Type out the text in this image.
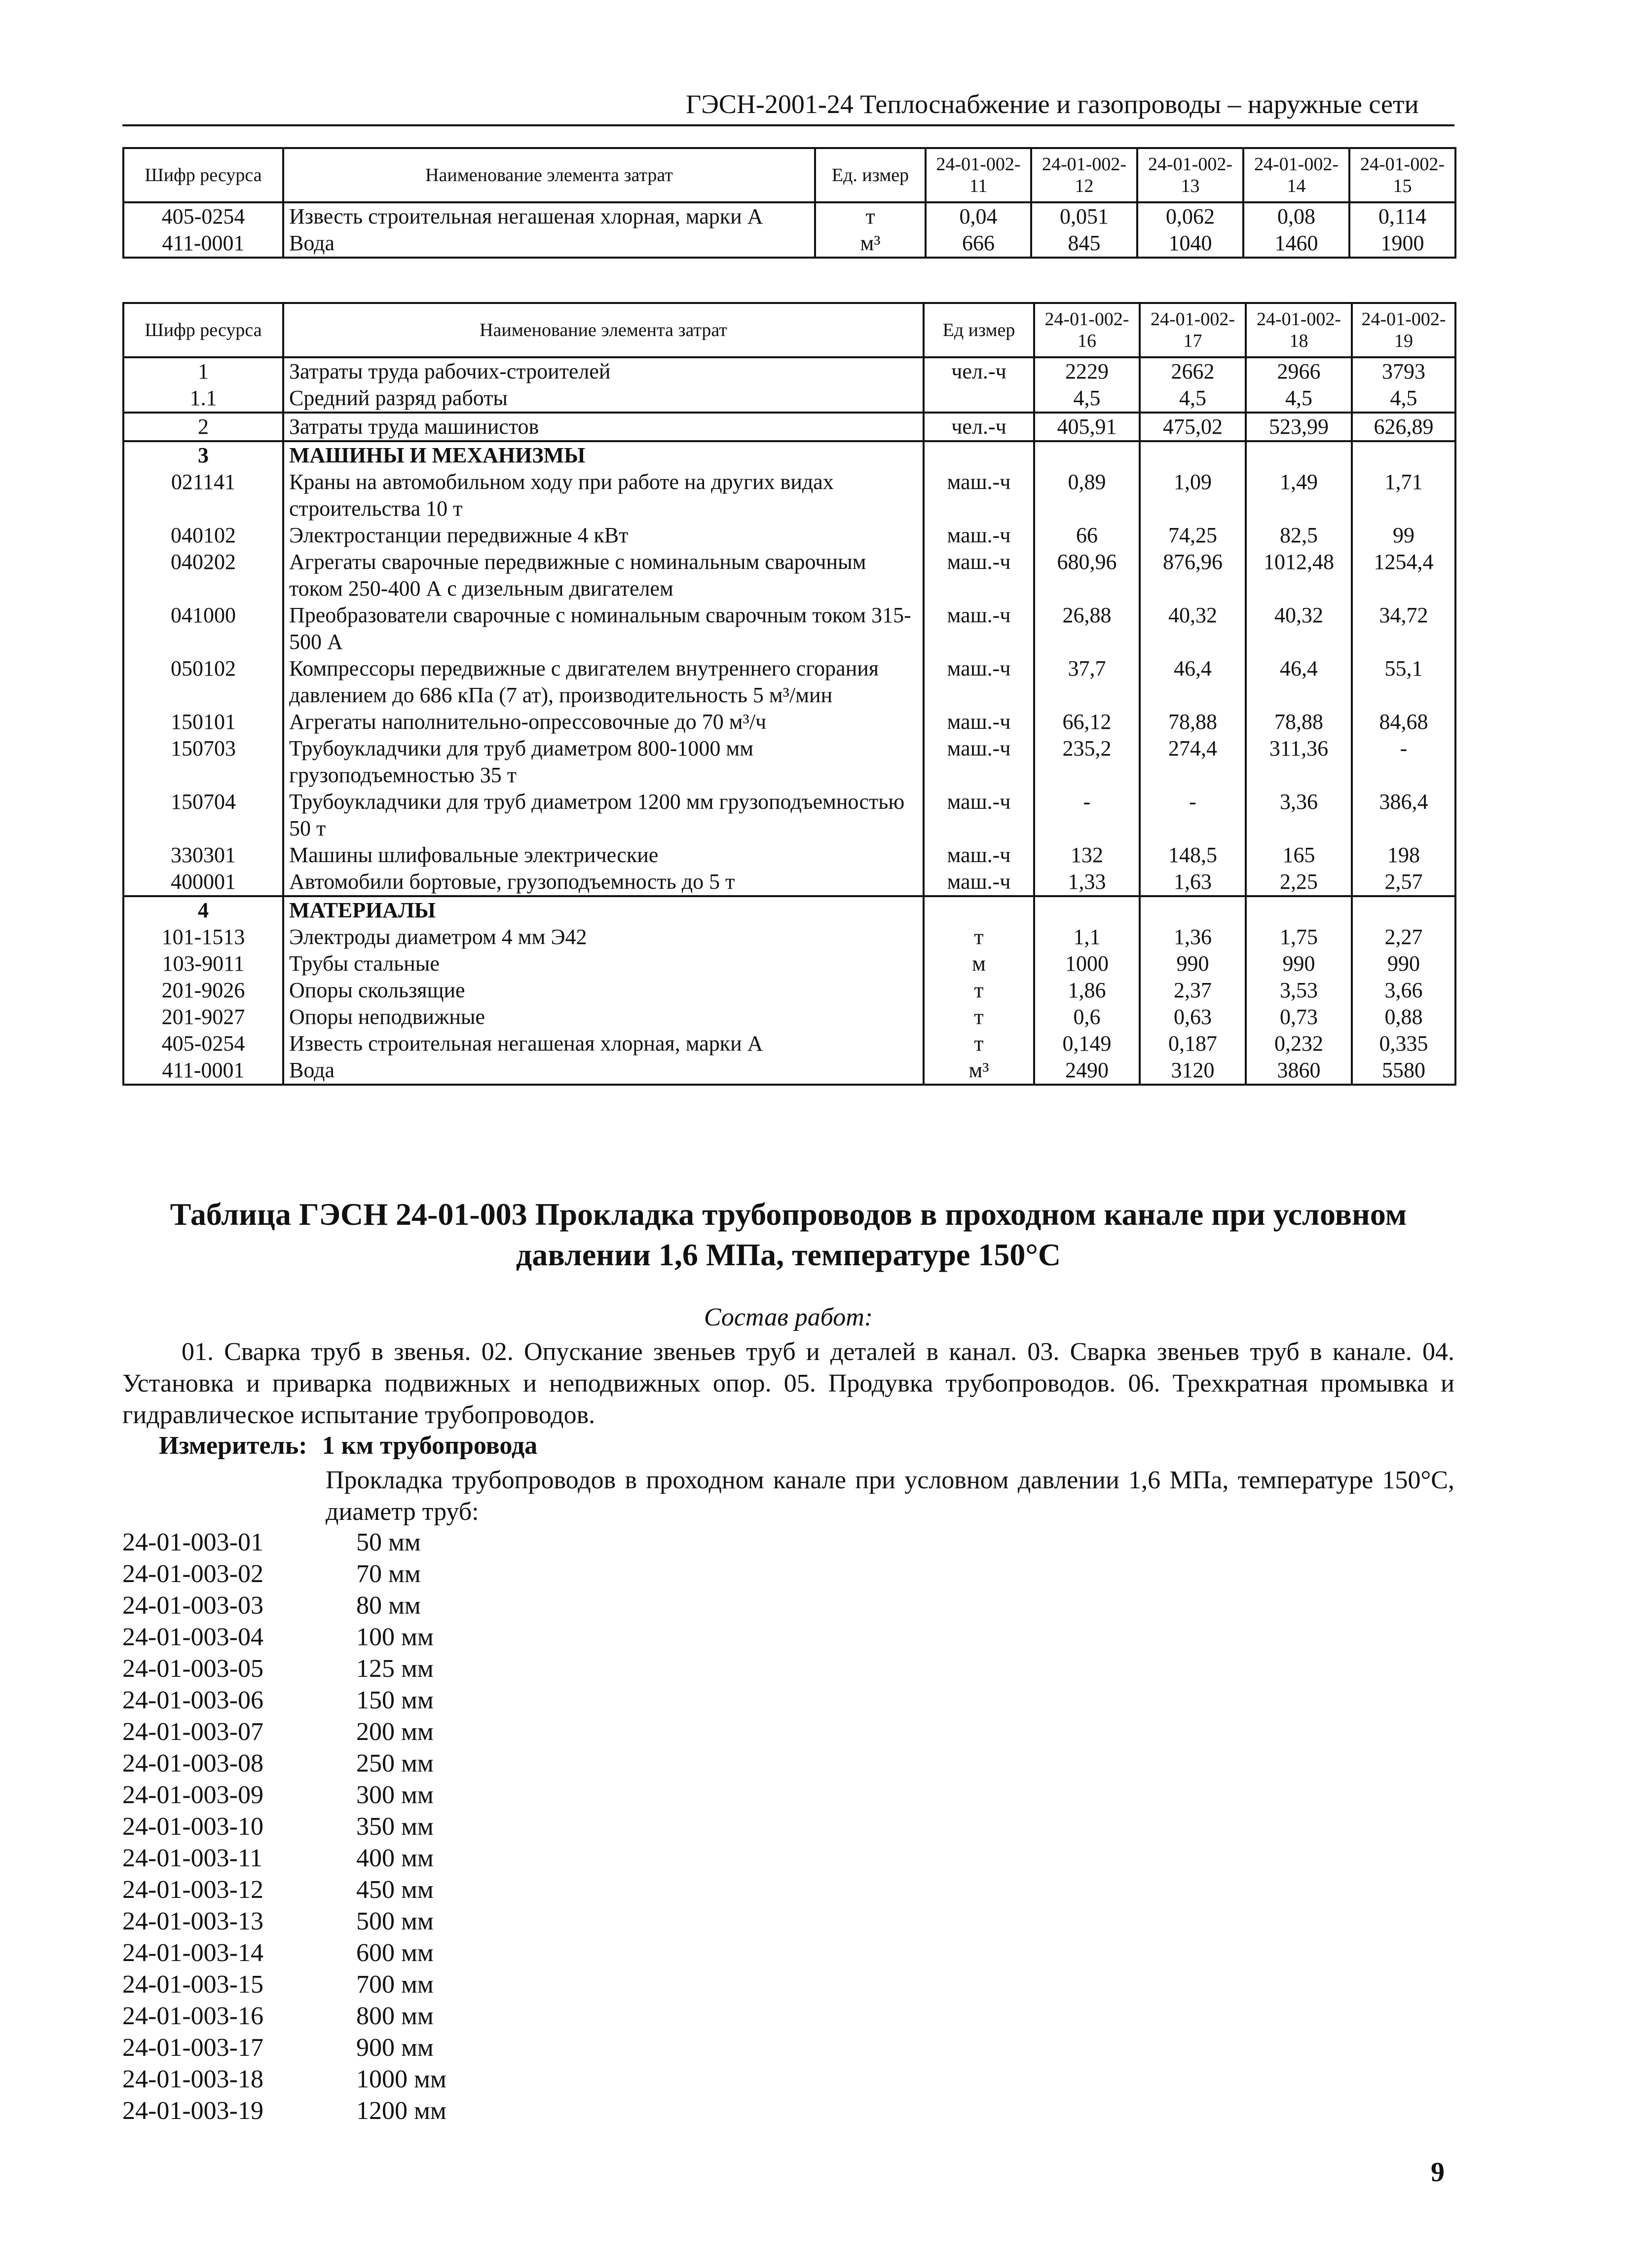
ГЭСН-2001-24 Теплоснабжение и газопроводы – наружные сети
Шифр ресурса	Наименование элемента затрат	Ед. измер	24-01-002-11	24-01-002-12	24-01-002-13	24-01-002-14	24-01-002-15
405-0254	Известь строительная негашеная хлорная, марки А	т	0,04	0,051	0,062	0,08	0,114
411-0001	Вода	м³	666	845	1040	1460	1900
Шифр ресурса	Наименование элемента затрат	Ед измер	24-01-002-16	24-01-002-17	24-01-002-18	24-01-002-19
1	Затраты труда рабочих-строителей	чел.-ч	2229	2662	2966	3793
1.1	Средний разряд работы		4,5	4,5	4,5	4,5
2	Затраты труда машинистов	чел.-ч	405,91	475,02	523,99	626,89
3	МАШИНЫ И МЕХАНИЗМЫ					
021141	Краны на автомобильном ходу при работе на других видах строительства 10 т	маш.-ч	0,89	1,09	1,49	1,71
040102	Электростанции передвижные 4 кВт	маш.-ч	66	74,25	82,5	99
040202	Агрегаты сварочные передвижные с номинальным сварочным током 250-400 А с дизельным двигателем	маш.-ч	680,96	876,96	1012,48	1254,4
041000	Преобразователи сварочные с номинальным сварочным током 315-500 А	маш.-ч	26,88	40,32	40,32	34,72
050102	Компрессоры передвижные с двигателем внутреннего сгорания давлением до 686 кПа (7 ат), производительность 5 м³/мин	маш.-ч	37,7	46,4	46,4	55,1
150101	Агрегаты наполнительно-опрессовочные до 70 м³/ч	маш.-ч	66,12	78,88	78,88	84,68
150703	Трубоукладчики для труб диаметром 800-1000 мм грузоподъемностью 35 т	маш.-ч	235,2	274,4	311,36	-
150704	Трубоукладчики для труб диаметром 1200 мм грузоподъемностью 50 т	маш.-ч	-	-	3,36	386,4
330301	Машины шлифовальные электрические	маш.-ч	132	148,5	165	198
400001	Автомобили бортовые, грузоподъемность до 5 т	маш.-ч	1,33	1,63	2,25	2,57
4	МАТЕРИАЛЫ					
101-1513	Электроды диаметром 4 мм Э42	т	1,1	1,36	1,75	2,27
103-9011	Трубы стальные	м	1000	990	990	990
201-9026	Опоры скользящие	т	1,86	2,37	3,53	3,66
201-9027	Опоры неподвижные	т	0,6	0,63	0,73	0,88
405-0254	Известь строительная негашеная хлорная, марки А	т	0,149	0,187	0,232	0,335
411-0001	Вода	м³	2490	3120	3860	5580
Таблица ГЭСН 24-01-003 Прокладка трубопроводов в проходном канале при условном давлении 1,6 МПа, температуре 150°С
Состав работ:
01. Сварка труб в звенья. 02. Опускание звеньев труб и деталей в канал. 03. Сварка звеньев труб в канале. 04. Установка и приварка подвижных и неподвижных опор. 05. Продувка трубопроводов. 06. Трехкратная промывка и гидравлическое испытание трубопроводов.
Измеритель: 1 км трубопровода
Прокладка трубопроводов в проходном канале при условном давлении 1,6 МПа, температуре 150°С, диаметр труб:
24-01-003-01	50 мм
24-01-003-02	70 мм
24-01-003-03	80 мм
24-01-003-04	100 мм
24-01-003-05	125 мм
24-01-003-06	150 мм
24-01-003-07	200 мм
24-01-003-08	250 мм
24-01-003-09	300 мм
24-01-003-10	350 мм
24-01-003-11	400 мм
24-01-003-12	450 мм
24-01-003-13	500 мм
24-01-003-14	600 мм
24-01-003-15	700 мм
24-01-003-16	800 мм
24-01-003-17	900 мм
24-01-003-18	1000 мм
24-01-003-19	1200 мм
9
